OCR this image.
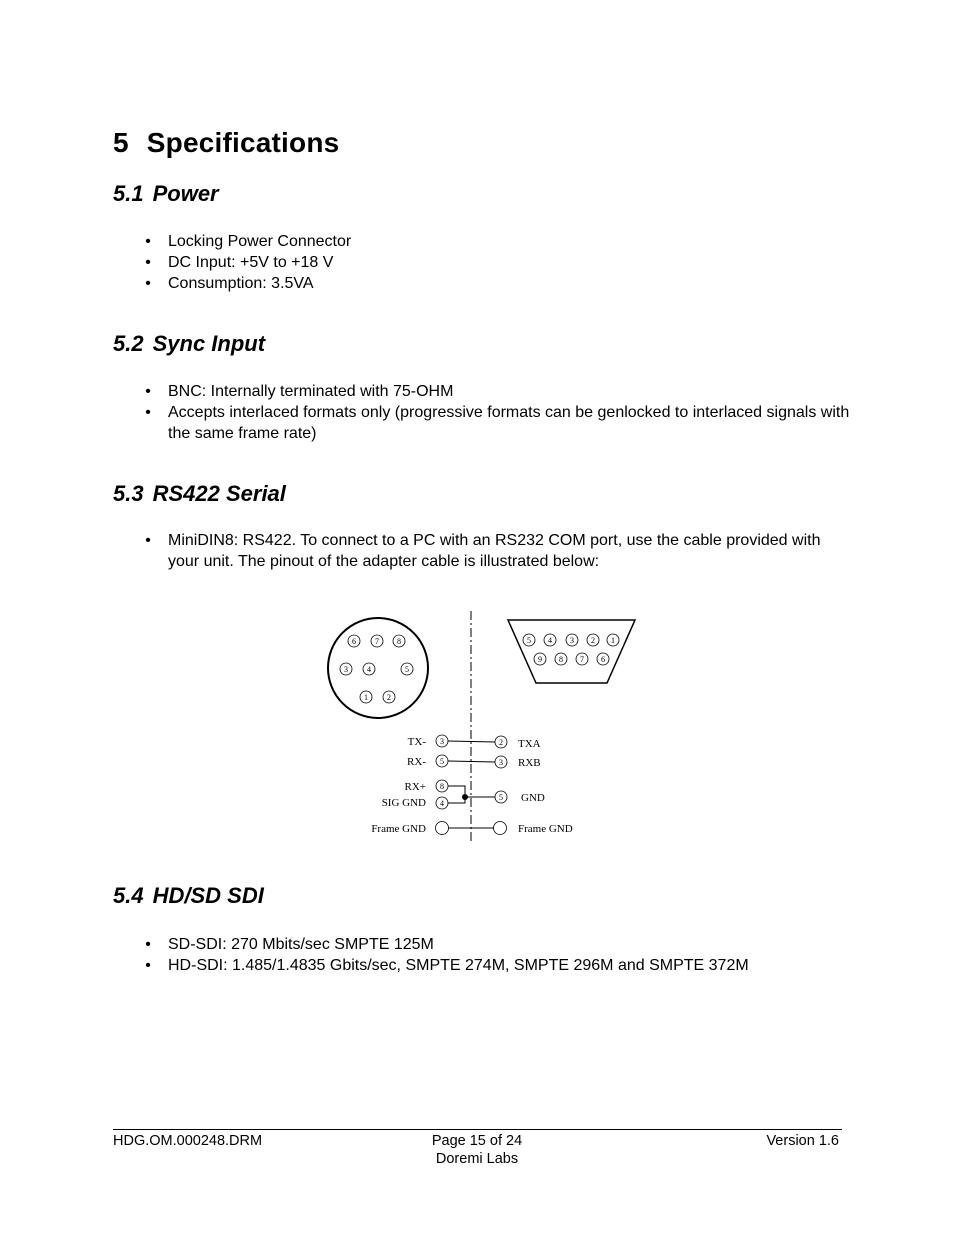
5 Specifications
5.1 Power
• Locking Power Connector
• DC Input: +5V to +18 V
• Consumption: 3.5VA
5.2 Sync Input
• BNC: Internally terminated with 75-OHM
• Accepts interlaced formats only (progressive formats can be genlocked to interlaced signals with the same frame rate)
5.3 RS422 Serial
• MiniDIN8: RS422. To connect to a PC with an RS232 COM port, use the cable provided with your unit. The pinout of the adapter cable is illustrated below:
6 7 8
3 4	5
1 2
5 4 3 2 1
9 8 7 6
TX-
RX-
RX+
SIG GND
Frame GND
TXA
RXB
GND
Frame GND
3
5
8
4
2
3
5
5.4 HD/SD SDI
• SD-SDI: 270 Mbits/sec SMPTE 125M
• HD-SDI: 1.485/1.4835 Gbits/sec, SMPTE 274M, SMPTE 296M and SMPTE 372M
HDG.OM.000248.DRM	Page 15 of 24
Doremi Labs
Version 1.6
